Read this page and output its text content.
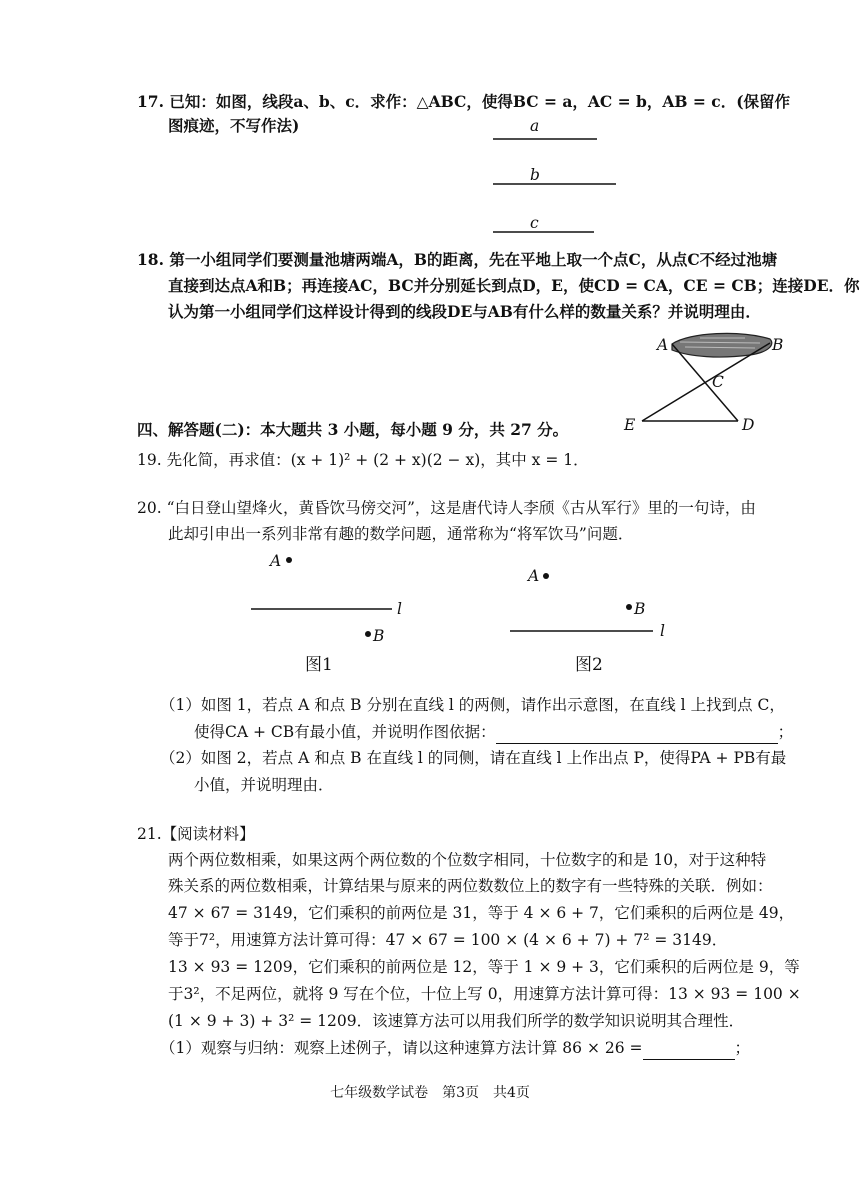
17. 已知：如图，线段a、b、c．求作：△ABC，使得BC = a，AC = b，AB = c．(保留作
图痕迹，不写作法)	a
b
c
18. 第一小组同学们要测量池塘两端A，B的距离，先在平地上取一个点C，从点C不经过池塘
直接到达点A和B；再连接AC，BC并分别延长到点D，E，使CD = CA，CE = CB；连接DE．你
认为第一小组同学们这样设计得到的线段DE与AB有什么样的数量关系？并说明理由．
A	B
C
D
E
四、解答题(二)：本大题共 3 小题，每小题 9 分，共 27 分。
19. 先化简，再求值：(x + 1)² + (2 + x)(2 − x)，其中 x = 1．
20. “白日登山望烽火，黄昏饮马傍交河”，这是唐代诗人李颀《古从军行》里的一句诗，由
此却引申出一系列非常有趣的数学问题，通常称为“将军饮马”问题．
A
l
B
图1
A
B
l
图2
（1）如图 1，若点 A 和点 B 分别在直线 l 的两侧，请作出示意图，在直线 l 上找到点 C，
使得CA + CB有最小值，并说明作图依据：	；
（2）如图 2，若点 A 和点 B 在直线 l 的同侧，请在直线 l 上作出点 P，使得PA + PB有最
小值，并说明理由．
21.【阅读材料】
两个两位数相乘，如果这两个两位数的个位数字相同，十位数字的和是 10，对于这种特
殊关系的两位数相乘，计算结果与原来的两位数数位上的数字有一些特殊的关联．例如：
47 × 67 = 3149，它们乘积的前两位是 31，等于 4 × 6 + 7，它们乘积的后两位是 49，
等于7²，用速算方法计算可得：47 × 67 = 100 × (4 × 6 + 7) + 7² = 3149．
13 × 93 = 1209，它们乘积的前两位是 12，等于 1 × 9 + 3，它们乘积的后两位是 9，等
于3²，不足两位，就将 9 写在个位，十位上写 0，用速算方法计算可得：13 × 93 = 100 ×
(1 × 9 + 3) + 3² = 1209．该速算方法可以用我们所学的数学知识说明其合理性．
（1）观察与归纳：观察上述例子，请以这种速算方法计算 86 × 26 =	；
七年级数学试卷　第3页　共4页
